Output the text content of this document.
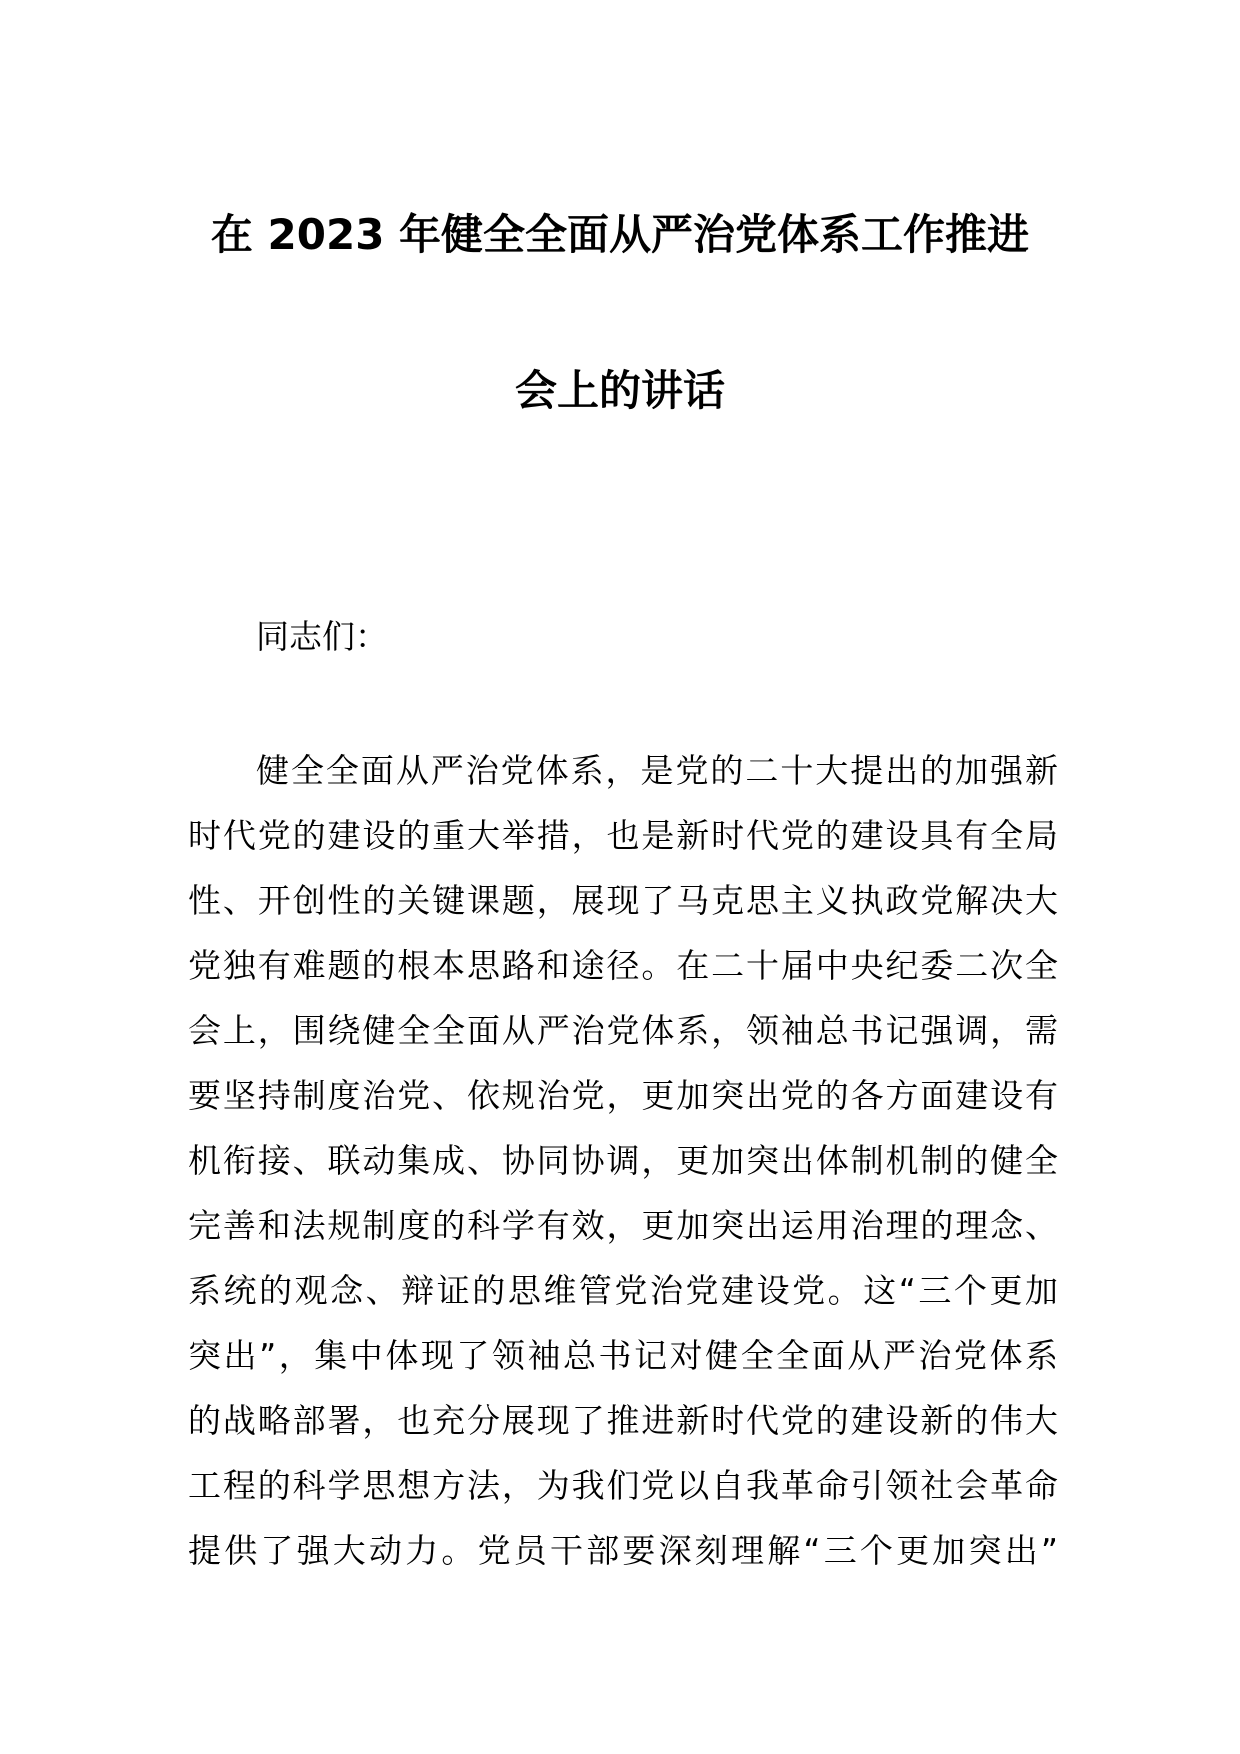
在 2023 年健全全面从严治党体系工作推进
会上的讲话
同志们：
健全全面从严治党体系，是党的二十大提出的加强新
时代党的建设的重大举措，也是新时代党的建设具有全局
性、开创性的关键课题，展现了马克思主义执政党解决大
党独有难题的根本思路和途径。在二十届中央纪委二次全
会上，围绕健全全面从严治党体系，领袖总书记强调，需
要坚持制度治党、依规治党，更加突出党的各方面建设有
机衔接、联动集成、协同协调，更加突出体制机制的健全
完善和法规制度的科学有效，更加突出运用治理的理念、
系统的观念、辩证的思维管党治党建设党。这“三个更加
突出”，集中体现了领袖总书记对健全全面从严治党体系
的战略部署，也充分展现了推进新时代党的建设新的伟大
工程的科学思想方法，为我们党以自我革命引领社会革命
提供了强大动力。党员干部要深刻理解“三个更加突出”
